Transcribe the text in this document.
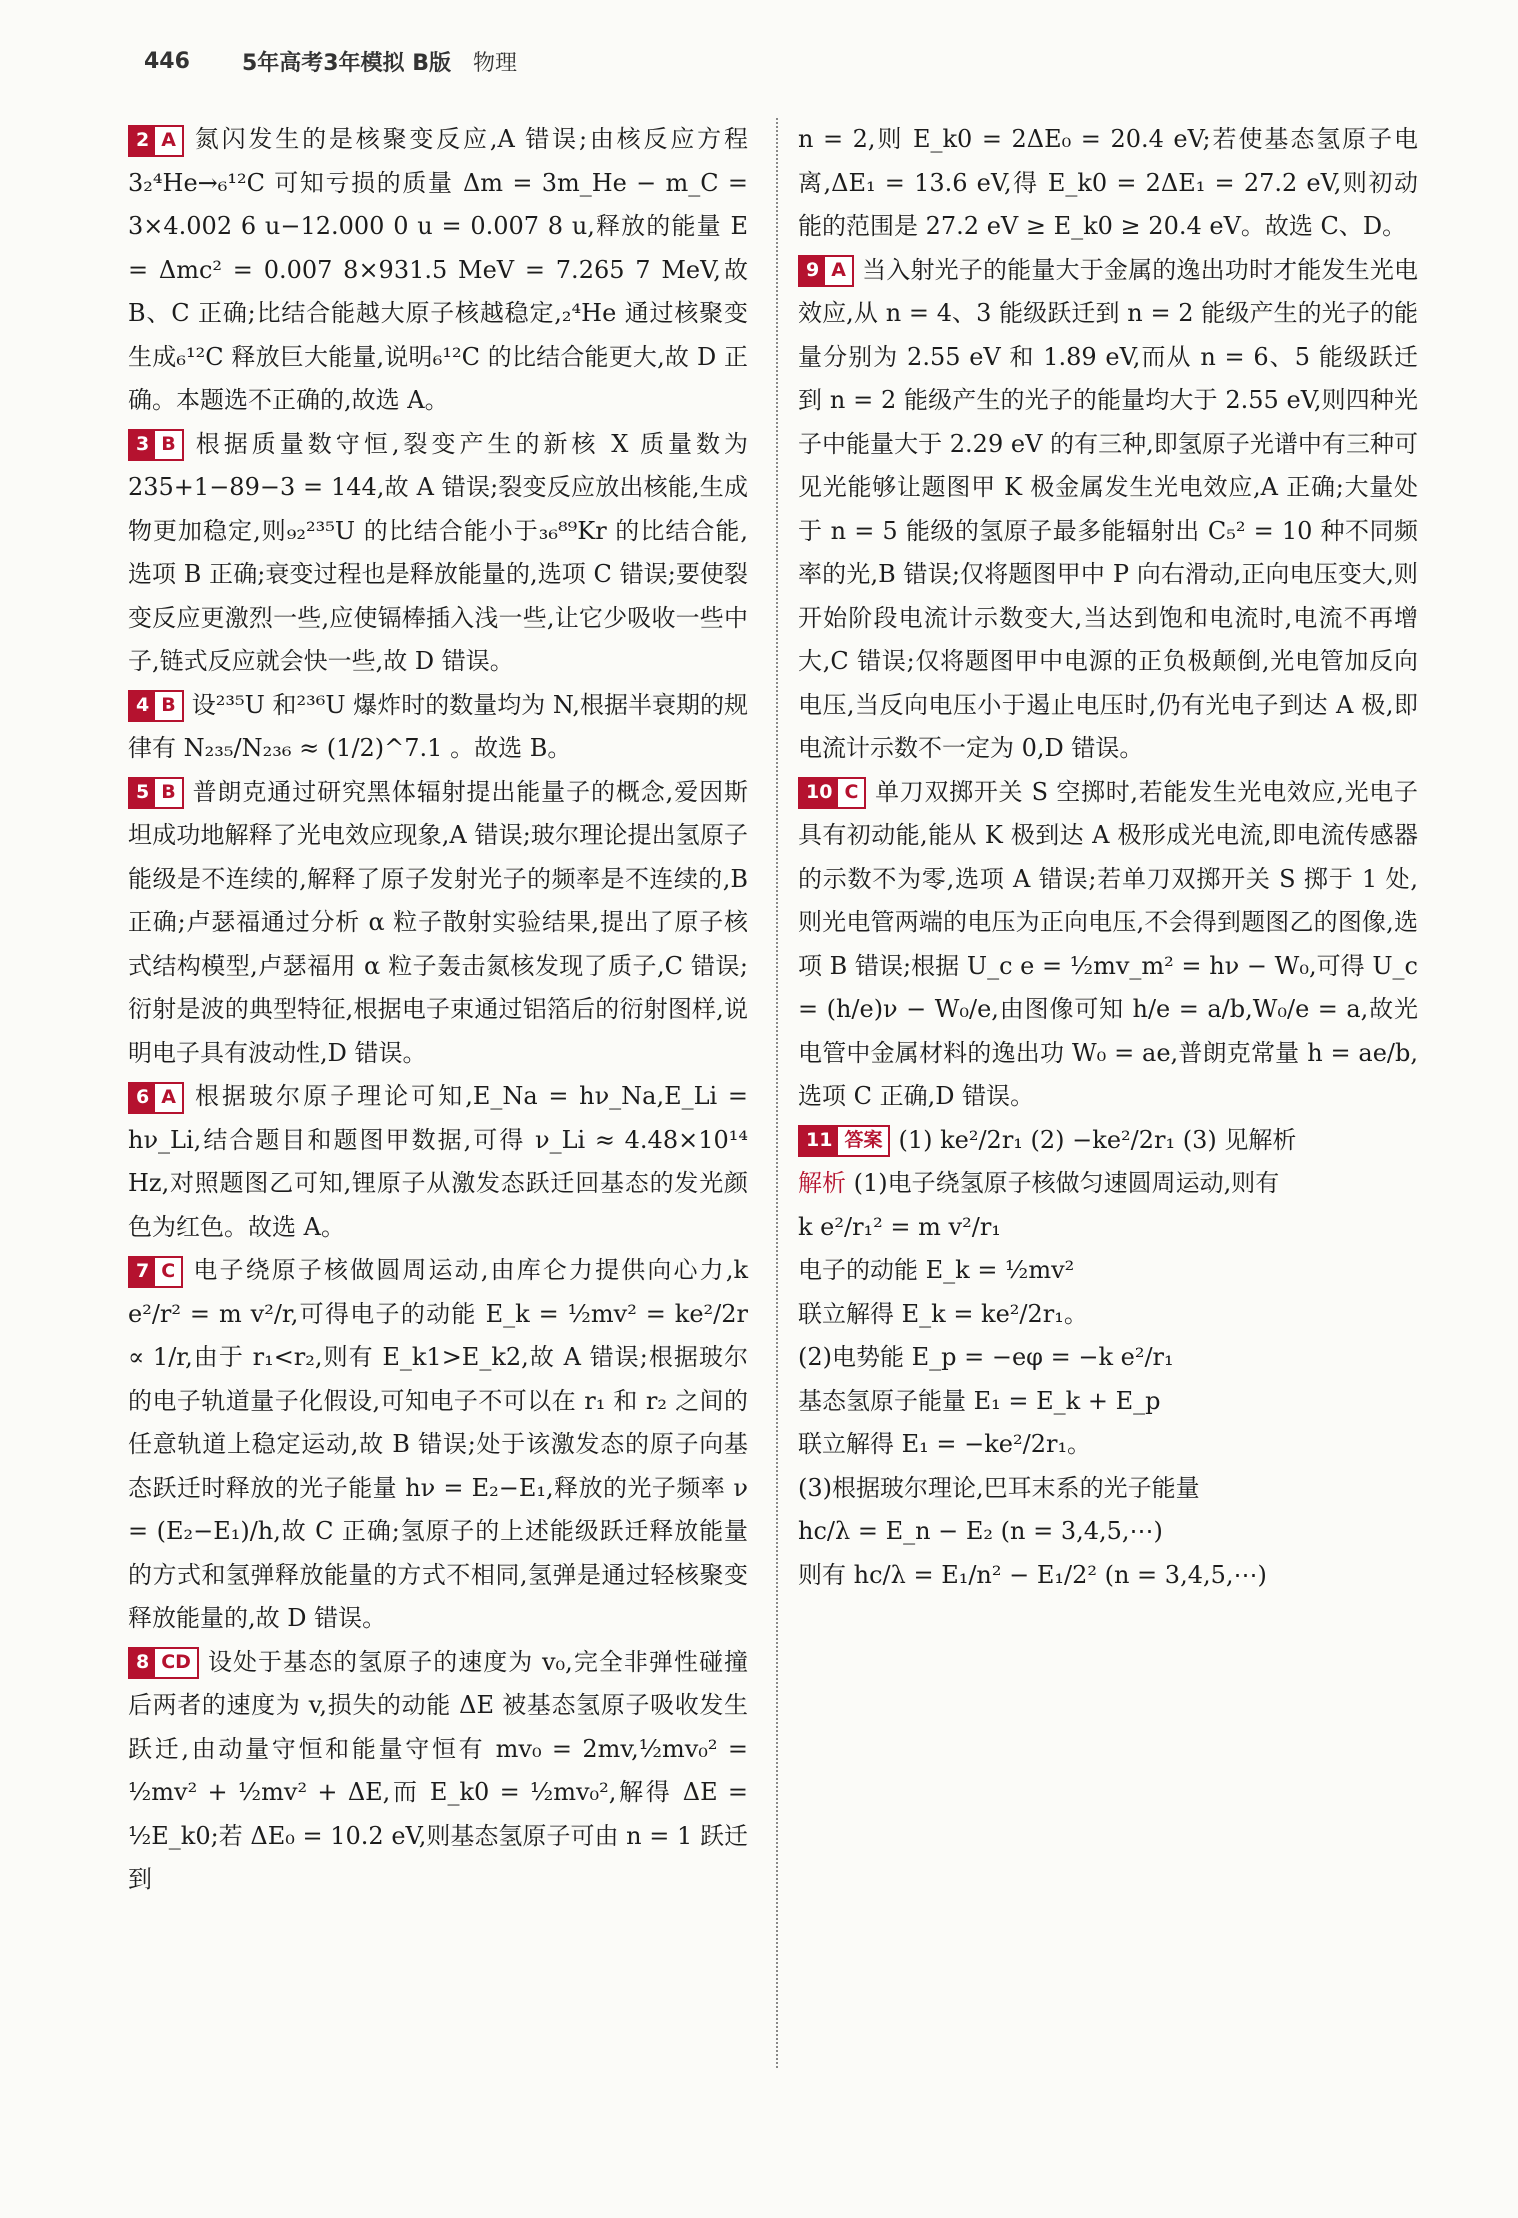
446 5年高考3年模拟 B版 物理

2 A 氮闪发生的是核聚变反应,A 错误;由核反应方程 3₂⁴He→₆¹²C 可知亏损的质量 Δm = 3m_He − m_C = 3×4.002 6 u−12.000 0 u = 0.007 8 u,释放的能量 E = Δmc² = 0.007 8×931.5 MeV = 7.265 7 MeV,故 B、C 正确;比结合能越大原子核越稳定,₂⁴He 通过核聚变生成₆¹²C 释放巨大能量,说明₆¹²C 的比结合能更大,故 D 正确。本题选不正确的,故选 A。

3 B 根据质量数守恒,裂变产生的新核 X 质量数为 235+1−89−3 = 144,故 A 错误;裂变反应放出核能,生成物更加稳定,则₉₂²³⁵U 的比结合能小于₃₆⁸⁹Kr 的比结合能,选项 B 正确;衰变过程也是释放能量的,选项 C 错误;要使裂变反应更激烈一些,应使镉棒插入浅一些,让它少吸收一些中子,链式反应就会快一些,故 D 错误。

4 B 设²³⁵U 和²³⁶U 爆炸时的数量均为 N,根据半衰期的规律有 N₂₃₅/N₂₃₆ ≈ (1/2)^7.1 。故选 B。

5 B 普朗克通过研究黑体辐射提出能量子的概念,爱因斯坦成功地解释了光电效应现象,A 错误;玻尔理论提出氢原子能级是不连续的,解释了原子发射光子的频率是不连续的,B 正确;卢瑟福通过分析 α 粒子散射实验结果,提出了原子核式结构模型,卢瑟福用 α 粒子轰击氮核发现了质子,C 错误;衍射是波的典型特征,根据电子束通过铝箔后的衍射图样,说明电子具有波动性,D 错误。

6 A 根据玻尔原子理论可知,E_Na = hν_Na,E_Li = hν_Li,结合题目和题图甲数据,可得 ν_Li ≈ 4.48×10¹⁴ Hz,对照题图乙可知,锂原子从激发态跃迁回基态的发光颜色为红色。故选 A。

7 C 电子绕原子核做圆周运动,由库仑力提供向心力,k e²/r² = m v²/r,可得电子的动能 E_k = ½mv² = ke²/2r ∝ 1/r,由于 r₁<r₂,则有 E_k1>E_k2,故 A 错误;根据玻尔的电子轨道量子化假设,可知电子不可以在 r₁ 和 r₂ 之间的任意轨道上稳定运动,故 B 错误;处于该激发态的原子向基态跃迁时释放的光子能量 hν = E₂−E₁,释放的光子频率 ν = (E₂−E₁)/h,故 C 正确;氢原子的上述能级跃迁释放能量的方式和氢弹释放能量的方式不相同,氢弹是通过轻核聚变释放能量的,故 D 错误。

8 CD 设处于基态的氢原子的速度为 v₀,完全非弹性碰撞后两者的速度为 v,损失的动能 ΔE 被基态氢原子吸收发生跃迁,由动量守恒和能量守恒有 mv₀ = 2mv,½mv₀² = ½mv² + ½mv² + ΔE,而 E_k0 = ½mv₀²,解得 ΔE = ½E_k0;若 ΔE₀ = 10.2 eV,则基态氢原子可由 n = 1 跃迁到

n = 2,则 E_k0 = 2ΔE₀ = 20.4 eV;若使基态氢原子电离,ΔE₁ = 13.6 eV,得 E_k0 = 2ΔE₁ = 27.2 eV,则初动能的范围是 27.2 eV ≥ E_k0 ≥ 20.4 eV。故选 C、D。

9 A 当入射光子的能量大于金属的逸出功时才能发生光电效应,从 n = 4、3 能级跃迁到 n = 2 能级产生的光子的能量分别为 2.55 eV 和 1.89 eV,而从 n = 6、5 能级跃迁到 n = 2 能级产生的光子的能量均大于 2.55 eV,则四种光子中能量大于 2.29 eV 的有三种,即氢原子光谱中有三种可见光能够让题图甲 K 极金属发生光电效应,A 正确;大量处于 n = 5 能级的氢原子最多能辐射出 C₅² = 10 种不同频率的光,B 错误;仅将题图甲中 P 向右滑动,正向电压变大,则开始阶段电流计示数变大,当达到饱和电流时,电流不再增大,C 错误;仅将题图甲中电源的正负极颠倒,光电管加反向电压,当反向电压小于遏止电压时,仍有光电子到达 A 极,即电流计示数不一定为 0,D 错误。

10 C 单刀双掷开关 S 空掷时,若能发生光电效应,光电子具有初动能,能从 K 极到达 A 极形成光电流,即电流传感器的示数不为零,选项 A 错误;若单刀双掷开关 S 掷于 1 处,则光电管两端的电压为正向电压,不会得到题图乙的图像,选项 B 错误;根据 U_c e = ½mv_m² = hν − W₀,可得 U_c = (h/e)ν − W₀/e,由图像可知 h/e = a/b,W₀/e = a,故光电管中金属材料的逸出功 W₀ = ae,普朗克常量 h = ae/b,选项 C 正确,D 错误。

11 答案 (1) ke²/2r₁ (2) −ke²/2r₁ (3) 见解析

解析 (1)电子绕氢原子核做匀速圆周运动,则有

k e²/r₁² = m v²/r₁

电子的动能 E_k = ½mv²

联立解得 E_k = ke²/2r₁。

(2)电势能 E_p = −eφ = −k e²/r₁

基态氢原子能量 E₁ = E_k + E_p

联立解得 E₁ = −ke²/2r₁。

(3)根据玻尔理论,巴耳末系的光子能量

hc/λ = E_n − E₂ (n = 3,4,5,⋯)

则有 hc/λ = E₁/n² − E₁/2² (n = 3,4,5,⋯)
